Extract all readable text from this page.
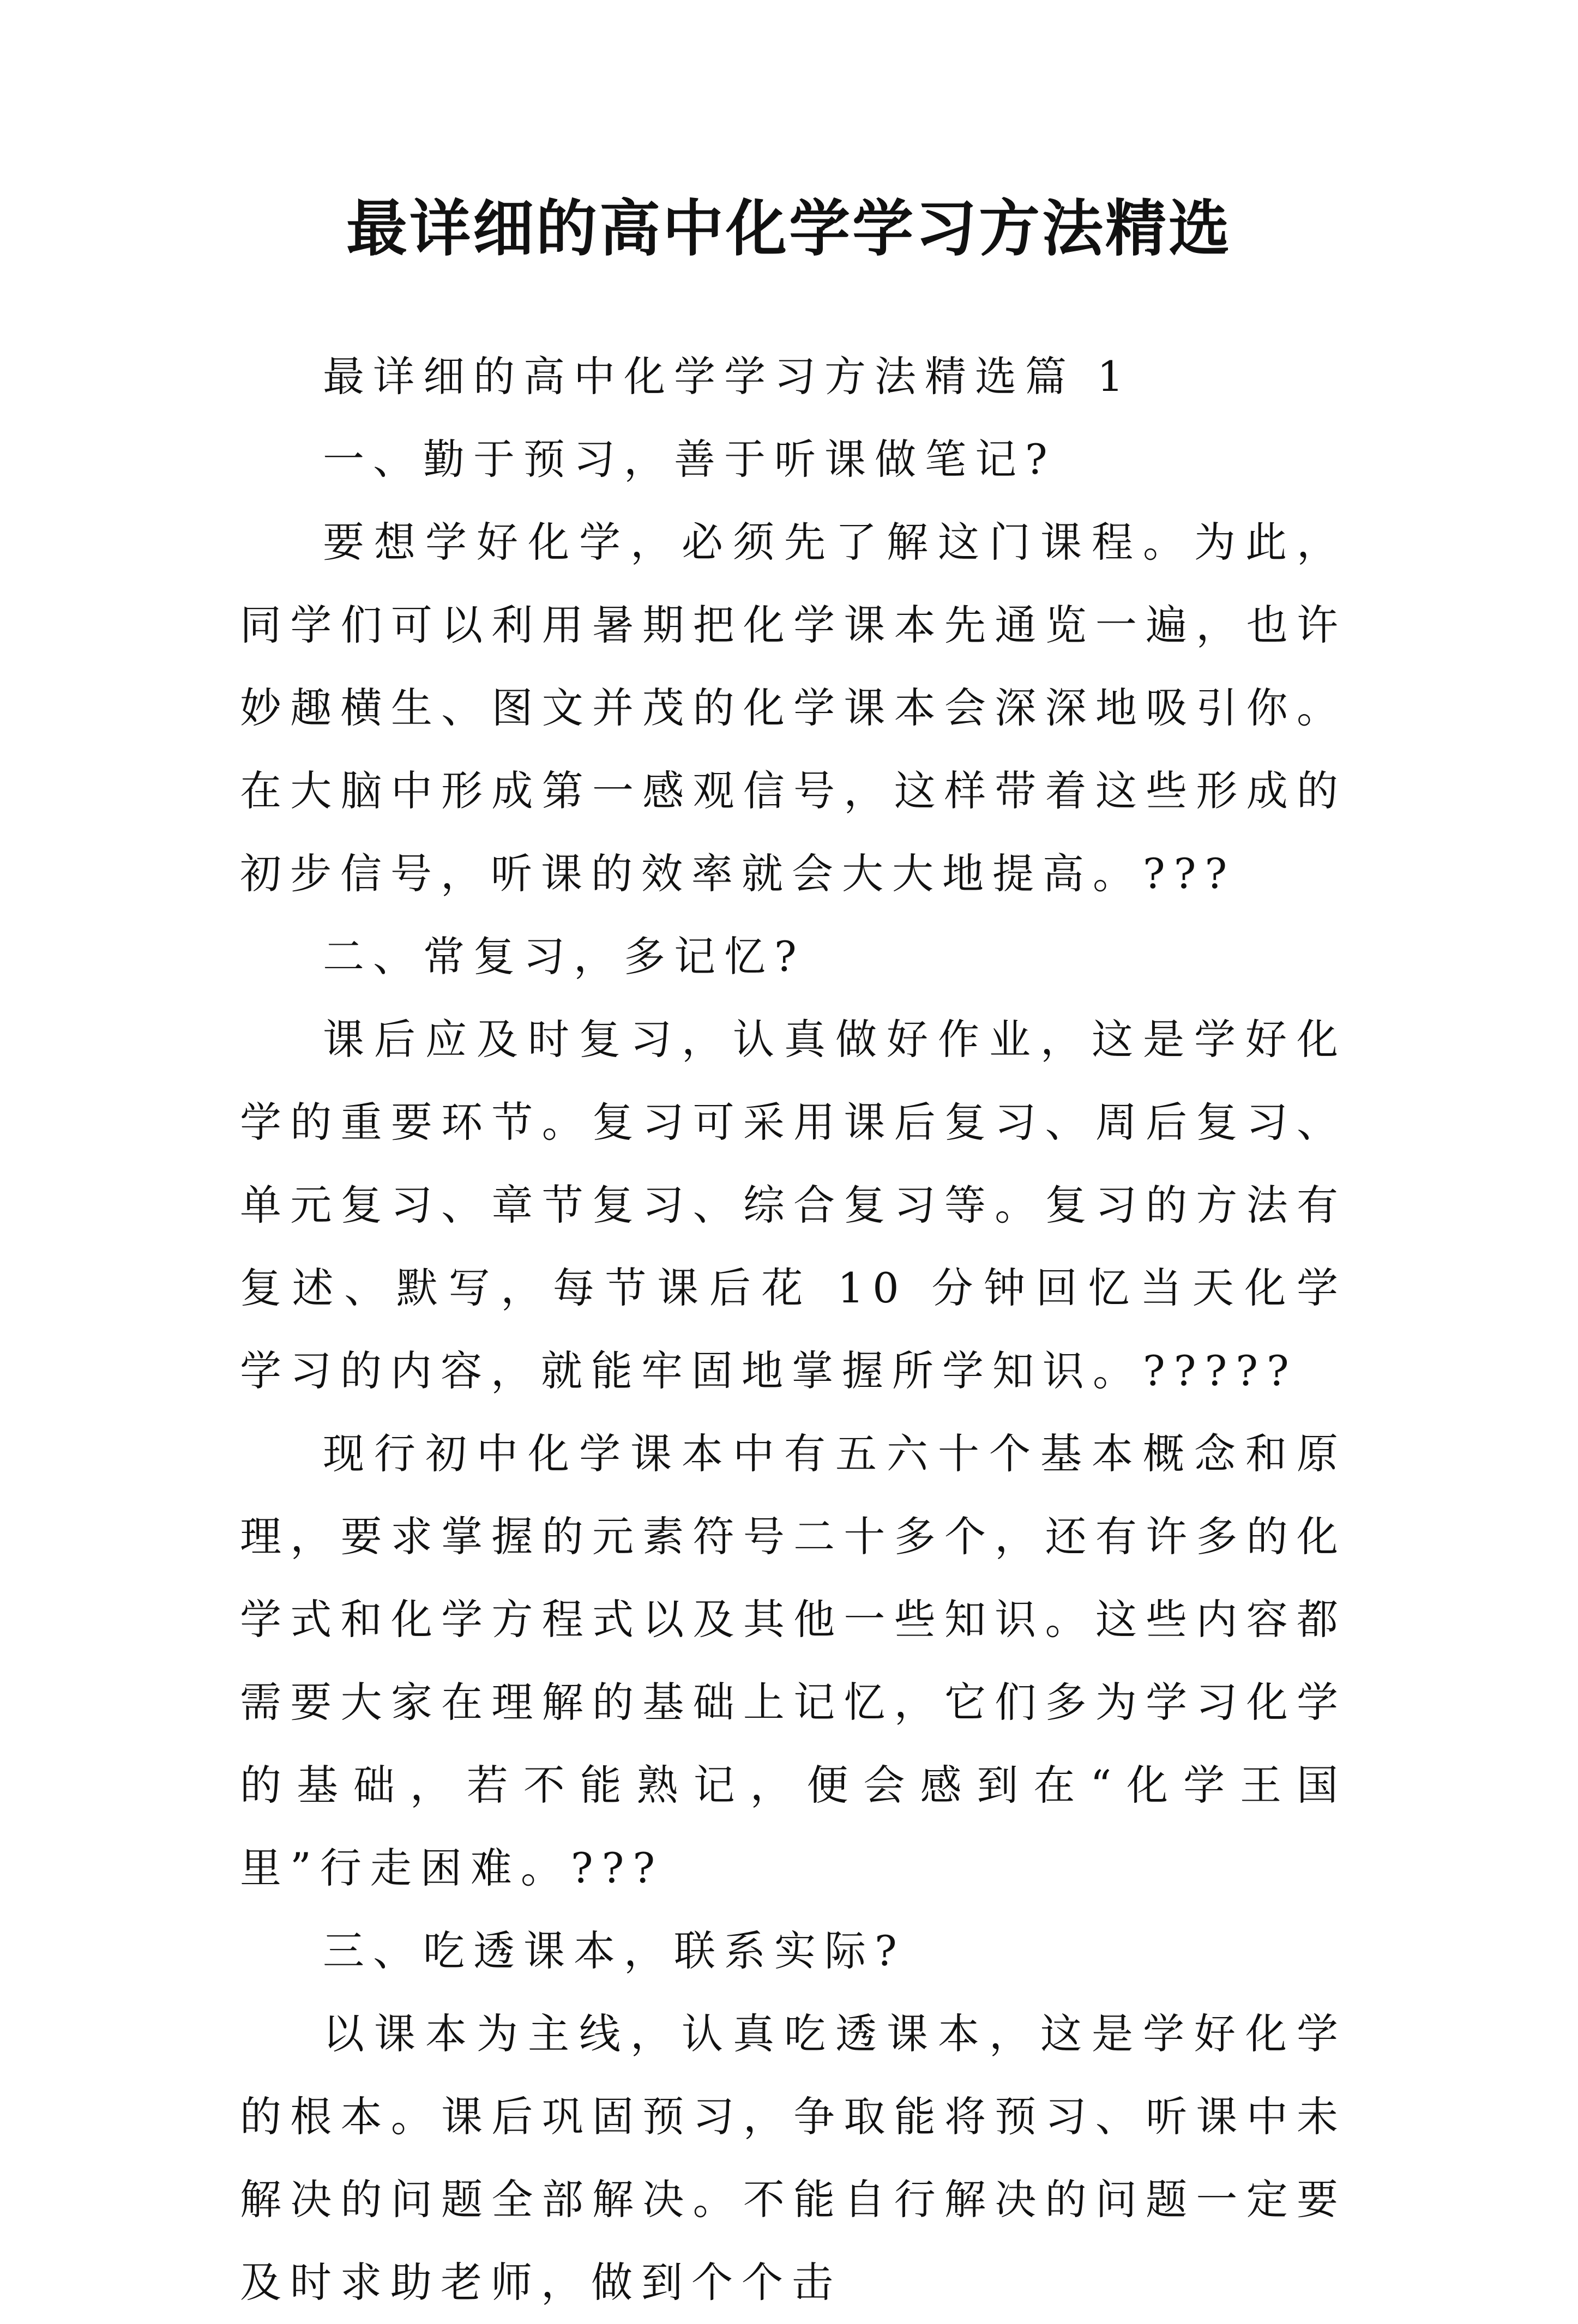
最详细的高中化学学习方法精选

最详细的高中化学学习方法精选篇 1

一、勤于预习，善于听课做笔记?

要想学好化学，必须先了解这门课程。为此，同学们可以利用暑期把化学课本先通览一遍，也许妙趣横生、图文并茂的化学课本会深深地吸引你。在大脑中形成第一感观信号，这样带着这些形成的初步信号，听课的效率就会大大地提高。???

二、常复习，多记忆?

课后应及时复习，认真做好作业，这是学好化学的重要环节。复习可采用课后复习、周后复习、单元复习、章节复习、综合复习等。复习的方法有复述、默写，每节课后花 10 分钟回忆当天化学学习的内容，就能牢固地掌握所学知识。?????

现行初中化学课本中有五六十个基本概念和原理，要求掌握的元素符号二十多个，还有许多的化学式和化学方程式以及其他一些知识。这些内容都需要大家在理解的基础上记忆，它们多为学习化学的基础，若不能熟记，便会感到在“化学王国里”行走困难。???

三、吃透课本，联系实际?

以课本为主线，认真吃透课本，这是学好化学的根本。课后巩固预习，争取能将预习、听课中未解决的问题全部解决。不能自行解决的问题一定要及时求助老师，做到个个击
